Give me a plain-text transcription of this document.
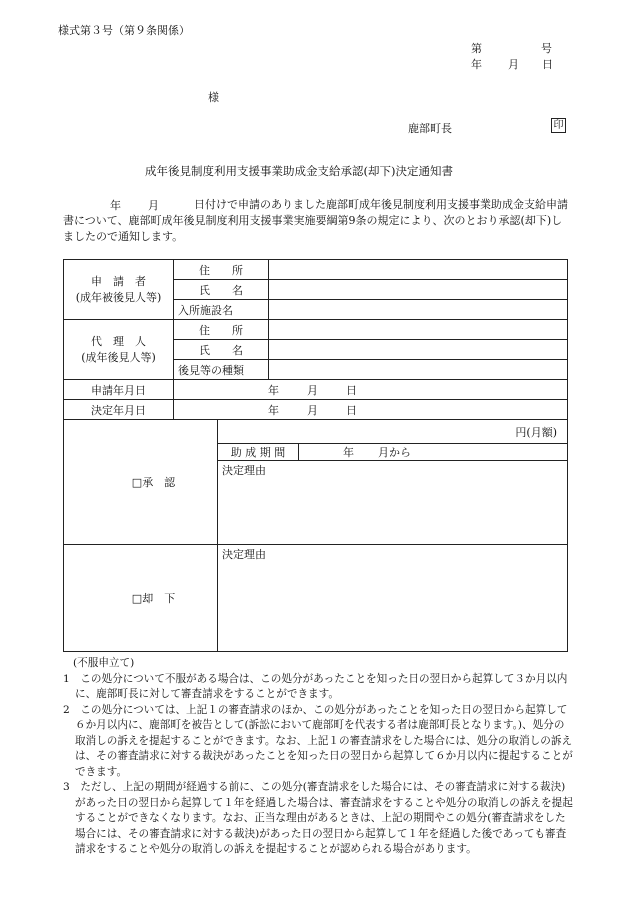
様式第３号（第９条関係）
第	号
年 月 日
様
鹿部町長	印
成年後見制度利用支援事業助成金支給承認(却下)決定通知書
年 月	日付けで申請のありました鹿部町成年後見制度利用支援事業助成金支給申請書について、鹿部町成年後見制度利用支援事業実施要綱第9条の規定により、次のとおり承認(却下)しましたので通知します。
申　請　者
(成年被後見人等)
	住　　所	
氏　　名	
入所施設名	

代　理　人
(成年後見人等)
	住　　所	
氏　　名	
後見等の種類	
申請年月日	年	月	日
決定年月日	年	月	日
□承　認	円(月額)

助 成 期 間	年 月から

決定理由
□却　下	決定理由
(不服申立て)

1　この処分について不服がある場合は、この処分があったことを知った日の翌日から起算して３か月以内に、鹿部町長に対して審査請求をすることができます。

2　この処分については、上記１の審査請求のほか、この処分があったことを知った日の翌日から起算して６か月以内に、鹿部町を被告として(訴訟において鹿部町を代表する者は鹿部町長となります。)、処分の取消しの訴えを提起することができます。なお、上記１の審査請求をした場合には、処分の取消しの訴えは、その審査請求に対する裁決があったことを知った日の翌日から起算して６か月以内に提起することができます。

3　ただし、上記の期間が経過する前に、この処分(審査請求をした場合には、その審査請求に対する裁決)があった日の翌日から起算して１年を経過した場合は、審査請求をすることや処分の取消しの訴えを提起することができなくなります。なお、正当な理由があるときは、上記の期間やこの処分(審査請求をした場合には、その審査請求に対する裁決)があった日の翌日から起算して１年を経過した後であっても審査請求をすることや処分の取消しの訴えを提起することが認められる場合があります。
